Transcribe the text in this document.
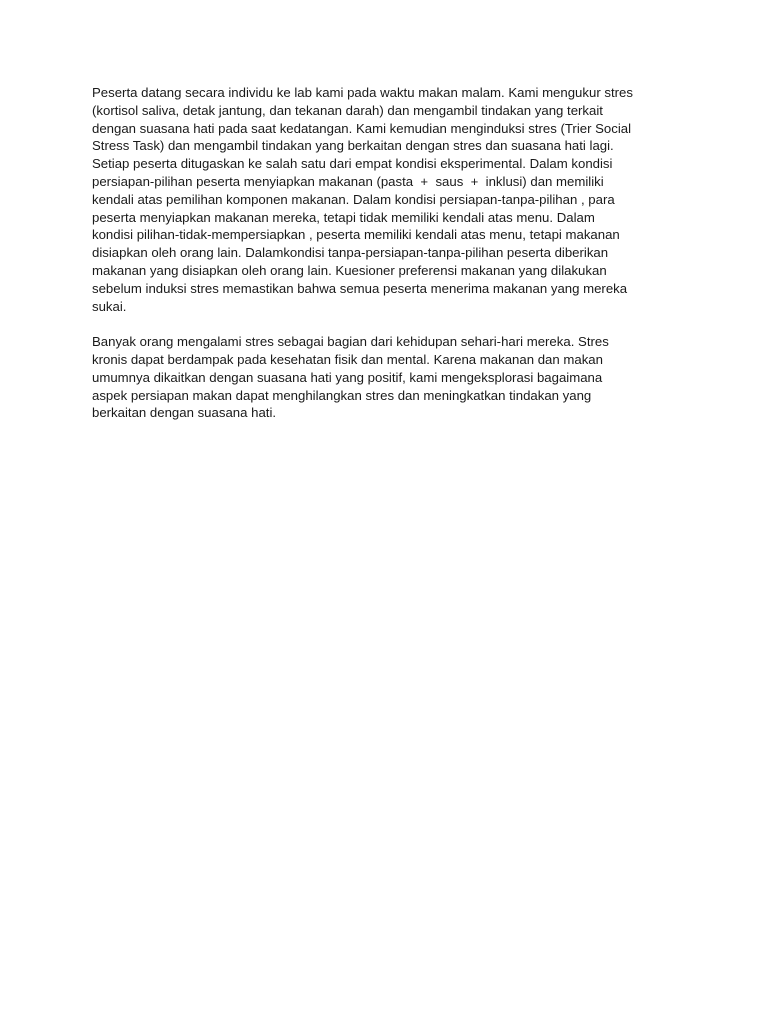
Peserta datang secara individu ke lab kami pada waktu makan malam. Kami mengukur stres
(kortisol saliva, detak jantung, dan tekanan darah) dan mengambil tindakan yang terkait
dengan suasana hati pada saat kedatangan. Kami kemudian menginduksi stres (Trier Social
Stress Task) dan mengambil tindakan yang berkaitan dengan stres dan suasana hati lagi.
Setiap peserta ditugaskan ke salah satu dari empat kondisi eksperimental. Dalam kondisi
persiapan-pilihan peserta menyiapkan makanan (pasta  +  saus  +  inklusi) dan memiliki
kendali atas pemilihan komponen makanan. Dalam kondisi persiapan-tanpa-pilihan , para
peserta menyiapkan makanan mereka, tetapi tidak memiliki kendali atas menu. Dalam
kondisi pilihan-tidak-mempersiapkan , peserta memiliki kendali atas menu, tetapi makanan
disiapkan oleh orang lain. Dalamkondisi tanpa-persiapan-tanpa-pilihan peserta diberikan
makanan yang disiapkan oleh orang lain. Kuesioner preferensi makanan yang dilakukan
sebelum induksi stres memastikan bahwa semua peserta menerima makanan yang mereka
sukai.

Banyak orang mengalami stres sebagai bagian dari kehidupan sehari-hari mereka. Stres
kronis dapat berdampak pada kesehatan fisik dan mental. Karena makanan dan makan
umumnya dikaitkan dengan suasana hati yang positif, kami mengeksplorasi bagaimana
aspek persiapan makan dapat menghilangkan stres dan meningkatkan tindakan yang
berkaitan dengan suasana hati.
